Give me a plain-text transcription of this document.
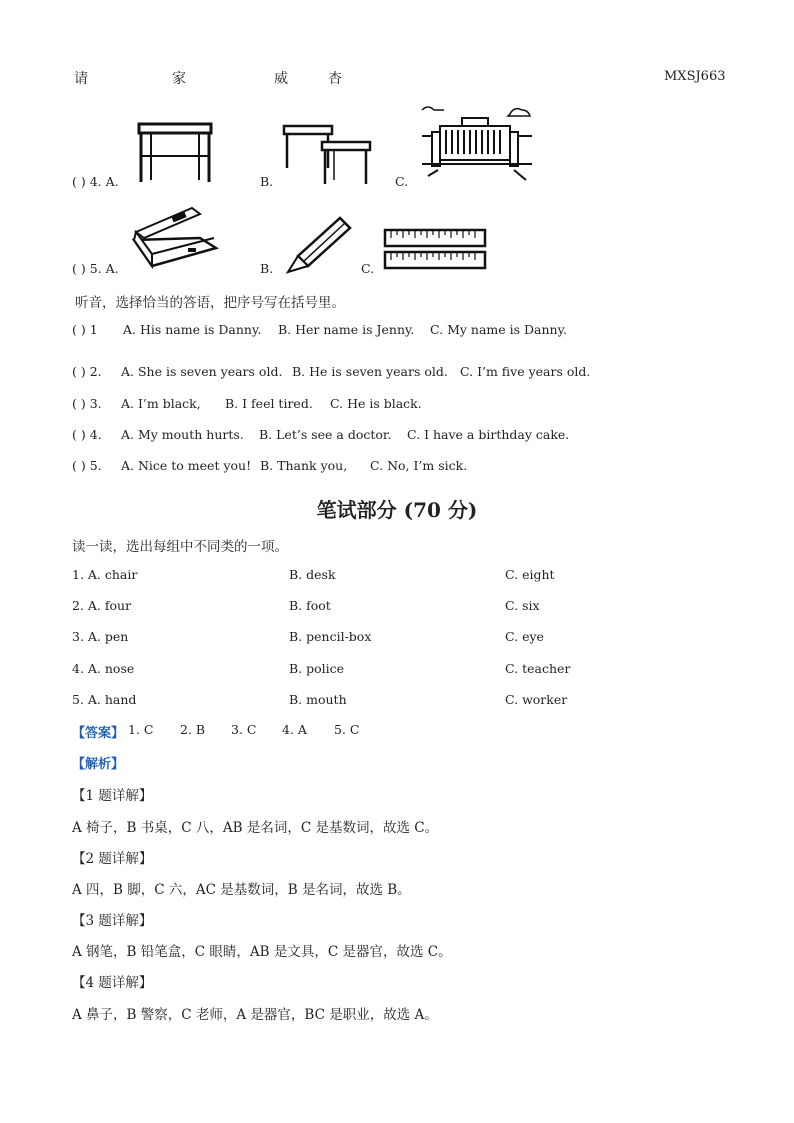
请	家	威	杏	MXSJ663
( ) 4. A.	B.	C.
( ) 5. A.	B.	C.
听音，选择恰当的答语，把序号写在括号里。
( ) 1 A. His name is Danny. B. Her name is Jenny. C. My name is Danny.
( ) 2. A. She is seven years old. B. He is seven years old. C. I’m five years old.
( ) 3. A. I’m black, B. I feel tired. C. He is black.
( ) 4. A. My mouth hurts. B. Let’s see a doctor. C. I have a birthday cake.
( ) 5. A. Nice to meet you! B. Thank you, C. No, I’m sick.
笔试部分 (70 分)
读一读，选出每组中不同类的一项。
1. A. chair	B. desk	C. eight
2. A. four	B. foot	C. six
3. A. pen	B. pencil-box	C. eye
4. A. nose	B. police	C. teacher
5. A. hand	B. mouth	C. worker
【答案】 1. C 2. B 3. C 4. A 5. C
【解析】
【1 题详解】
A 椅子，B 书桌，C 八，AB 是名词，C 是基数词，故选 C。
【2 题详解】
A 四，B 脚，C 六，AC 是基数词，B 是名词，故选 B。
【3 题详解】
A 钢笔，B 铅笔盒，C 眼睛，AB 是文具，C 是器官，故选 C。
【4 题详解】
A 鼻子，B 警察，C 老师，A 是器官，BC 是职业，故选 A。
